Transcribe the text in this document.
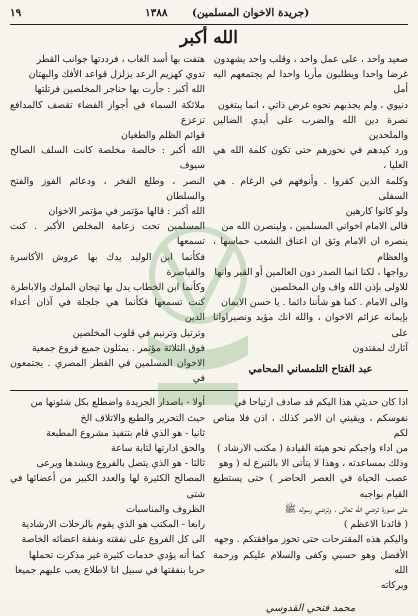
١٩	(جريدة الاخوان المسلمين)
١٣٨٨
الله أكبر

هتفت بها أسد الغاب ، فرددتها جوانب القطر

تدوي كهزيم الرعد يزلزل قواعد الأفك والبهتان

الله أكبر : جأرت بها حناجر المخلصين فرتلتها

ملائكة السماء في أجواز الفضاء تقصف كالمدافع تزعزع

قوائم الظلم والطغيان

الله أكبر : خالصة مخلصة كانت السلف الصالح سيوف

النصر ، وطلع الفخر ، ودعائم الفوز والفتح والسلطان

الله أكبر : قالها مؤتمر في مؤتمر الاخوان

المسلمين تحت زعامة المخلص الأكبر . كنت تسمعها

فكأنما ابن الوليد يدك بها عروش الأكاسرة والقياصرة

وكأنما ابن الخطاب يدل بها تيجان الملوك والاباطرة

كنت تسمعها فكأنما هي جلجلة في آذان أعداء الدين

وترتيل وترنيم في قلوب المخلصين

فوق الثلاثة مؤتمر . يمثلون جميع فروع جمعية

الاخوان المسلمين في القطر المصري . يجتمعون في

صعيد واحد ، على عمل واحد ، وقلب واحد يشهدون

غرضا واحدا ويطلبون مأربا واحدا لم يجتمعهم اليه أمل

دنيوي ، ولم يجذبهم نحوه غرض ذاتي ، انما يبتغون

نصرة دين الله والضرب على أيدي الضالين والملحدين

ورد كيدهم في نحورهم حتى تكون كلمة الله هي العليا ،

وكلمة الذين كفروا . وأنوفهم في الرغام . هي السفلى

ولو كانوا كارهين

فالى الامام اخواني المسلمين ، ولينصرن الله من

ينصره ان الامام وثق ان اعناق الشعب حماسها ، والعظام

رواجها ، لكنا انما الصدر دون العالمين أو القبر وانها

للاولى بإذن الله واف وان المخلصين

والى الامام . كما هو شأننا دائما . يا حسن الايمان

بإيمانه عزائم الاخوان ، والله انك مؤيد ونصيراوانا على

آثارك لمقتدون

عبد الفتاح التلمساني المحامي

أولا - باصدار الجريدة واضطلع بكل شئونها من

حيث التحرير والطبع والاتلاف الخ

ثانيا - هو الذي قام بتنفيذ مشروع المطبعة

والحق ادارتها لتابة ساعة

ثالثا - هو الذي يتصل بالفروع ويشدها ويرعى

المصالح الكثيرة لها والعدد الكبير من أعضائها في شتى

الظروف والمناسبات

رابعا - المكتب هو الذي يقوم بالرحلات الارشادية

الى كل الفروع على نفقته ونفقة اعضائه الخاصة

كما أنه يؤدي خدمات كثيرة غير مذكرت تحملها

حربا بنفقتها في سبيل انا لاطلاع يعب عليهم جميعا

اذا كان حديثي هذا اليكم قد صادف ارتياحا في

نفوسكم ، ويقيني ان الامر كذلك ، اذن فلا مناص لكم

من اداء واجبكم نحو هيئة القيادة ( مكتب الارشاد )

وذلك بمساعدته ، وهذا لا يتأتى الا بالتبرع له ( وهو

عصب الحياة في العصر الحاضر ) حتى يستطيع القيام بواجبه

على صورة ترضي الله تعالى ، وترضي رسوله ﷺ

( قائدنا الاعظم )

واليكم هذه المقترحات حتى تحوز موافقتكم . وجهه

الأفضل وهو حسبي وكفى والسلام عليكم ورحمة الله

وبركاته

محمد فتحي القدوسي
